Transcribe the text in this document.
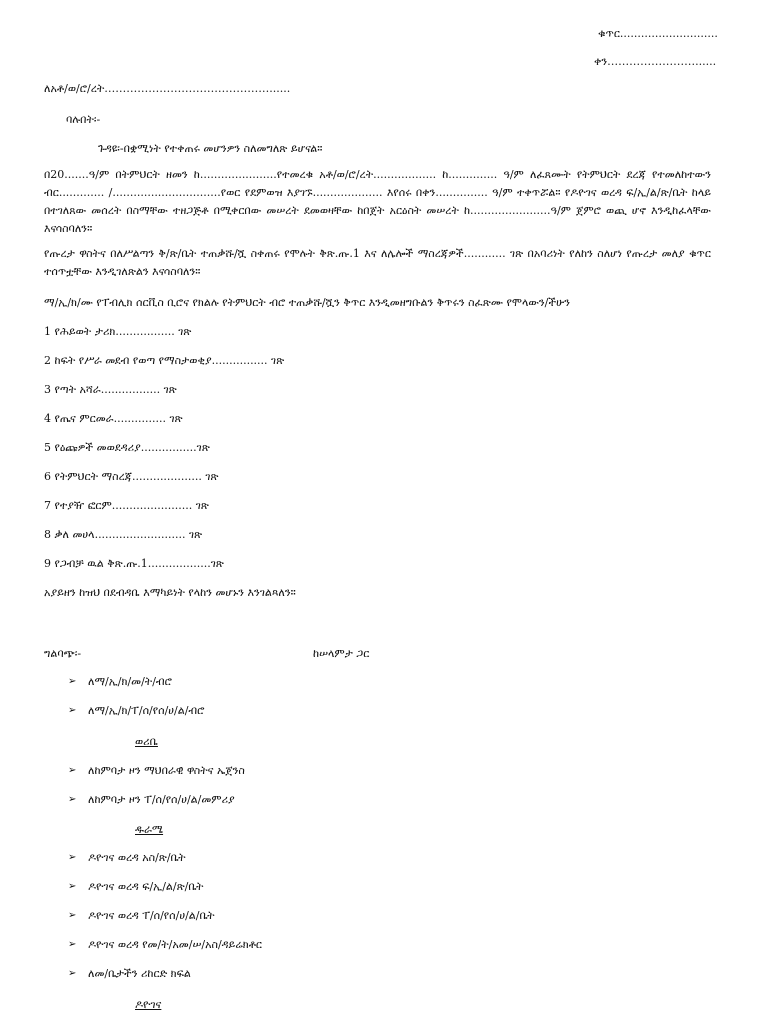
ቁጥር............................
ቀን……………………......
ለአቶ/ወ/ሮ/ረት………………………………………......
ባሉበት፡-
ጉዳዩ፡-በቋሚነት የተቀጠሩ መሆንዎን ስለመግለጽ ይሆናል።
በ20.......ዓ/ም በትምህርት ዘመን ከ......................የተመረቁ አቶ/ወ/ሮ/ረት.................. ከ.............. ዓ/ም ለፈጸሙት የትምህርት ደረጃ የተመለከተውን ብር............. /...............................የወር የደምወዝ እያገኙ.................... እየሰሩ በቀን............... ዓ/ም ተቀጥሯል። የዶዮገና ወረዳ ፍ/ኢ/ል/ጽ/ቤት ከላይ በተገለጸው መሰረት በስማቸው ተዘጋጅቶ በሚቀርበው መሠረት ደመወዛቸው ከበጀት አርዕስት መሠረት ከ.......................ዓ/ም ጀምሮ ወጪ ሆኖ እንዲከፈላቸው እናሳስባለን።
የጡረታ ዋስትና በለሥልጣን ቅ/ጽ/ቤት ተጠቃሹ/ሿ ስቀጠሩ የሞሉት ቅጽ.ጡ.1 እና ለሌሎች ማስረጃዎች............ ገጽ በአባሪነት የለከን ስለሆነ የጡረታ መለያ ቁጥር ተሰጥቷቸው እንዲገለጽልን እናሳስባለን።
ማ/ኢ/ክ/ሙ የፐብሊክ ሰርቪስ ቢሮና የክልሉ የትምህርት ብሮ ተጠቃሹ/ሿን ቅጥር እንዲመዘግቡልን ቅጥሩን ስፈጽሙ የሞላውን/ችሁን
1 የሕይወት ታሪክ................. ገጽ
2 ከፍት የሥራ መደብ የወጣ የማስታወቂያ................ ገጽ
3 የጣት አሻራ................. ገጽ
4 የጤና ምርመራ............... ገጽ
5 የዕጩዎች መወደዳሪያ................ገጽ
6 የትምህርት ማስረጃ.................... ገጽ
7 የተያዥ ፎርም....................... ገጽ
8 ቃለ መሀላ.......................... ገጽ
9 የጋብቻ ዉል ቅጽ.ጡ.1..................ገጽ
አያይዘን ከዝህ በደብዳቤ እማካይነት የላከን መሆኑን እንገልጻለን።
ግልባጭ፡-	ከሠላምታ ጋር
➢	ለማ/ኢ/ክ/መ/ት/ብሮ
➢	ለማ/ኢ/ክ/ፐ/ሰ/የሰ/ሀ/ል/ብሮ
ወሪቤ
➢	ለከምባታ ዞን ማህበራዊ ዋስትና ኤጀንስ
➢	ለከምባታ ዞን ፐ/ሰ/የሰ/ሀ/ል/መምሪያ
ዱራሜ
➢	ዶዮገና ወረዳ አስ/ጽ/ቤት
➢	ዶዮገና ወረዳ ፍ/ኢ/ል/ጽ/ቤት
➢	ዶዮገና ወረዳ ፐ/ሰ/የሰ/ሀ/ል/ቤት
➢	ዶዮገና ወረዳ የመ/ት/አመ/ሠ/አስ/ዳይሬክቶር
➢	ለመ/ቤታችን ሪከርድ ክፍል
ዶዮገና
